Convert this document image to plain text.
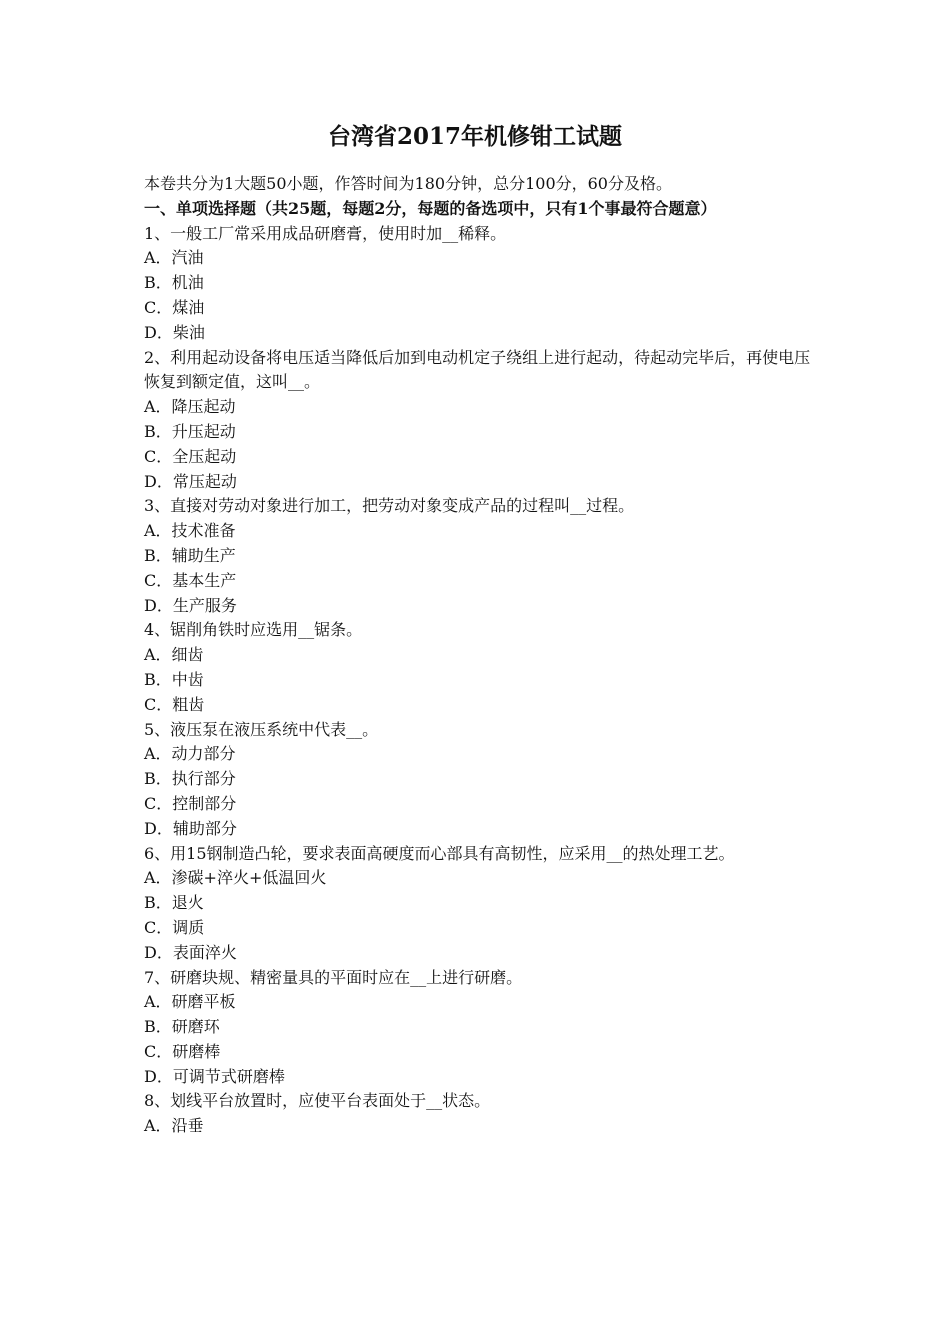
台湾省2017年机修钳工试题

本卷共分为1大题50小题，作答时间为180分钟，总分100分，60分及格。

一、单项选择题（共25题，每题2分，每题的备选项中，只有1个事最符合题意）

1、一般工厂常采用成品研磨膏，使用时加__稀释。

A．汽油

B．机油

C．煤油

D．柴油

2、利用起动设备将电压适当降低后加到电动机定子绕组上进行起动，待起动完毕后，再使电压恢复到额定值，这叫__。

A．降压起动

B．升压起动

C．全压起动

D．常压起动

3、直接对劳动对象进行加工，把劳动对象变成产品的过程叫__过程。

A．技术准备

B．辅助生产

C．基本生产

D．生产服务

4、锯削角铁时应选用__锯条。

A．细齿

B．中齿

C．粗齿

5、液压泵在液压系统中代表__。

A．动力部分

B．执行部分

C．控制部分

D．辅助部分

6、用15钢制造凸轮，要求表面高硬度而心部具有高韧性，应采用__的热处理工艺。

A．渗碳+淬火+低温回火

B．退火

C．调质

D．表面淬火

7、研磨块规、精密量具的平面时应在__上进行研磨。

A．研磨平板

B．研磨环

C．研磨棒

D．可调节式研磨棒

8、划线平台放置时，应使平台表面处于__状态。

A．沿垂
